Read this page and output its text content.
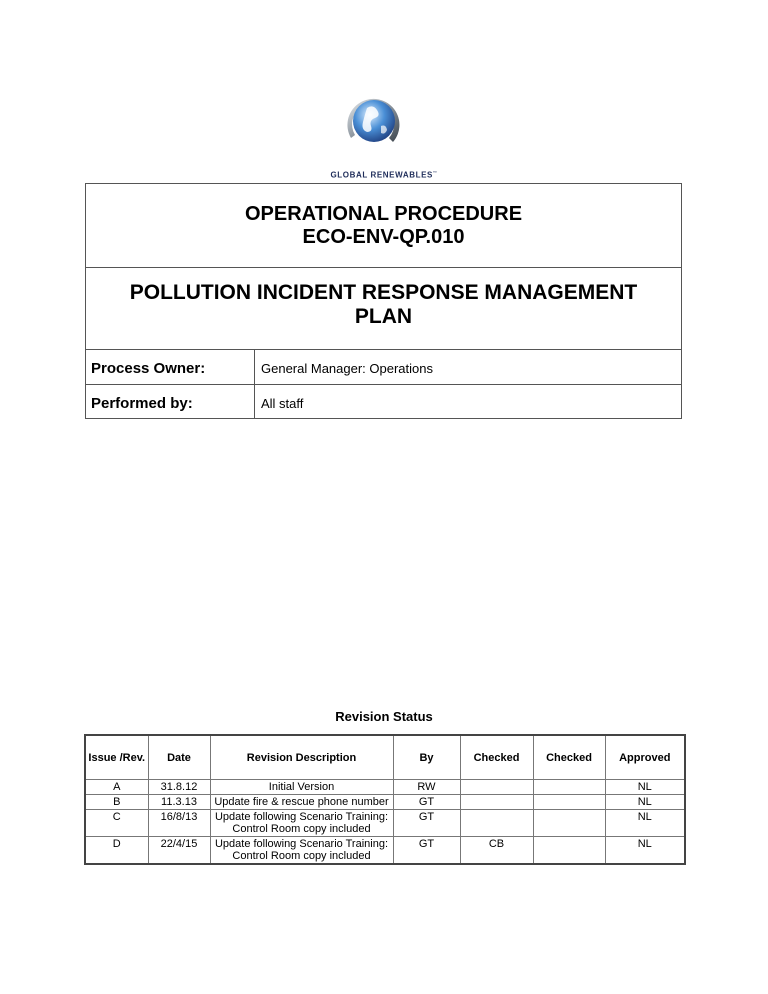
GLOBAL RENEWABLES™
OPERATIONAL PROCEDURE
ECO-ENV-QP.010
POLLUTION INCIDENT RESPONSE MANAGEMENT PLAN
Process Owner:	General Manager: Operations
Performed by:	All staff
Revision Status
Issue /Rev.	Date	Revision Description	By	Checked	Checked	Approved
A	31.8.12	Initial Version	RW			NL
B	11.3.13	Update fire & rescue phone number	GT			NL
C	16/8/13	Update following Scenario Training: Control Room copy included	GT			NL
D	22/4/15	Update following Scenario Training: Control Room copy included	GT	CB		NL
